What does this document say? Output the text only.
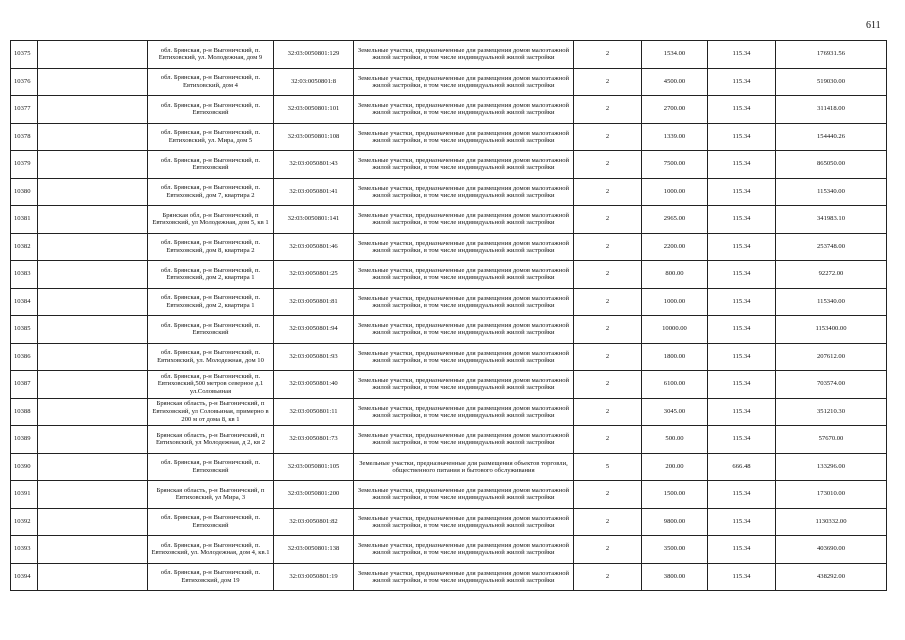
611
10375		обл. Брянская, р-н Выгоничский, п. Евтиховский, ул. Молодежная, дом 9	32:03:0050801:129	Земельные участки, предназначенные для размещения домов малоэтажной жилой застройки, в том числе индивидуальной жилой застройки	2	1534.00	115.34	176931.56
10376		обл. Брянская, р-н Выгоничский, п. Евтиховский, дом 4	32:03:0050801:8	Земельные участки, предназначенные для размещения домов малоэтажной жилой застройки, в том числе индивидуальной жилой застройки	2	4500.00	115.34	519030.00
10377		обл. Брянская, р-н Выгоничский, п. Евтиховский	32:03:0050801:101	Земельные участки, предназначенные для размещения домов малоэтажной жилой застройки, в том числе индивидуальной жилой застройки	2	2700.00	115.34	311418.00
10378		обл. Брянская, р-н Выгоничский, п. Евтиховский, ул. Мира, дом 5	32:03:0050801:108	Земельные участки, предназначенные для размещения домов малоэтажной жилой застройки, в том числе индивидуальной жилой застройки	2	1339.00	115.34	154440.26
10379		обл. Брянская, р-н Выгоничский, п. Евтиховский	32:03:0050801:43	Земельные участки, предназначенные для размещения домов малоэтажной жилой застройки, в том числе индивидуальной жилой застройки	2	7500.00	115.34	865050.00
10380		обл. Брянская, р-н Выгоничский, п. Евтиховский, дом 7, квартира 2	32:03:0050801:41	Земельные участки, предназначенные для размещения домов малоэтажной жилой застройки, в том числе индивидуальной жилой застройки	2	1000.00	115.34	115340.00
10381		Брянская обл, р-н Выгоничский, п Евтиховский, ул Молодежная, дом 5, кв 1	32:03:0050801:141	Земельные участки, предназначенные для размещения домов малоэтажной жилой застройки, в том числе индивидуальной жилой застройки	2	2965.00	115.34	341983.10
10382		обл. Брянская, р-н Выгоничский, п. Евтиховский, дом 8, квартира 2	32:03:0050801:46	Земельные участки, предназначенные для размещения домов малоэтажной жилой застройки, в том числе индивидуальной жилой застройки	2	2200.00	115.34	253748.00
10383		обл. Брянская, р-н Выгоничский, п. Евтиховский, дом 2, квартира 1	32:03:0050801:25	Земельные участки, предназначенные для размещения домов малоэтажной жилой застройки, в том числе индивидуальной жилой застройки	2	800.00	115.34	92272.00
10384		обл. Брянская, р-н Выгоничский, п. Евтиховский, дом 2, квартира 1	32:03:0050801:81	Земельные участки, предназначенные для размещения домов малоэтажной жилой застройки, в том числе индивидуальной жилой застройки	2	1000.00	115.34	115340.00
10385		обл. Брянская, р-н Выгоничский, п. Евтиховский	32:03:0050801:94	Земельные участки, предназначенные для размещения домов малоэтажной жилой застройки, в том числе индивидуальной жилой застройки	2	10000.00	115.34	1153400.00
10386		обл. Брянская, р-н Выгоничский, п. Евтиховский, ул. Молодежная, дом 10	32:03:0050801:93	Земельные участки, предназначенные для размещения домов малоэтажной жилой застройки, в том числе индивидуальной жилой застройки	2	1800.00	115.34	207612.00
10387		обл. Брянская, р-н Выгоничский, п. Евтиховский,500 метров северное д.1 ул.Соловьиная	32:03:0050801:40	Земельные участки, предназначенные для размещения домов малоэтажной жилой застройки, в том числе индивидуальной жилой застройки	2	6100.00	115.34	703574.00
10388		Брянская область, р-н Выгоничский, п Евтиховский, ул Соловьиная, примерно в 200 м от дома 8, кв 1	32:03:0050801:11	Земельные участки, предназначенные для размещения домов малоэтажной жилой застройки, в том числе индивидуальной жилой застройки	2	3045.00	115.34	351210.30
10389		Брянская область, р-н Выгоничский, п Евтиховский, ул Молодежная, д 2, кв 2	32:03:0050801:73	Земельные участки, предназначенные для размещения домов малоэтажной жилой застройки, в том числе индивидуальной жилой застройки	2	500.00	115.34	57670.00
10390		обл. Брянская, р-н Выгоничский, п. Евтиховский	32:03:0050801:105	Земельные участки, предназначенные для размещения объектов торговли, общественного питания и бытового обслуживания	5	200.00	666.48	133296.00
10391		Брянская область, р-н Выгоничский, п Евтиховский, ул Мира, 3	32:03:0050801:200	Земельные участки, предназначенные для размещения домов малоэтажной жилой застройки, в том числе индивидуальной жилой застройки	2	1500.00	115.34	173010.00
10392		обл. Брянская, р-н Выгоничский, п. Евтиховский	32:03:0050801:82	Земельные участки, предназначенные для размещения домов малоэтажной жилой застройки, в том числе индивидуальной жилой застройки	2	9800.00	115.34	1130332.00
10393		обл. Брянская, р-н Выгоничский, п. Евтиховский, ул. Молодежная, дом 4, кв.1	32:03:0050801:138	Земельные участки, предназначенные для размещения домов малоэтажной жилой застройки, в том числе индивидуальной жилой застройки	2	3500.00	115.34	403690.00
10394		обл. Брянская, р-н Выгоничский, п. Евтиховский, дом 19	32:03:0050801:19	Земельные участки, предназначенные для размещения домов малоэтажной жилой застройки, в том числе индивидуальной жилой застройки	2	3800.00	115.34	438292.00
